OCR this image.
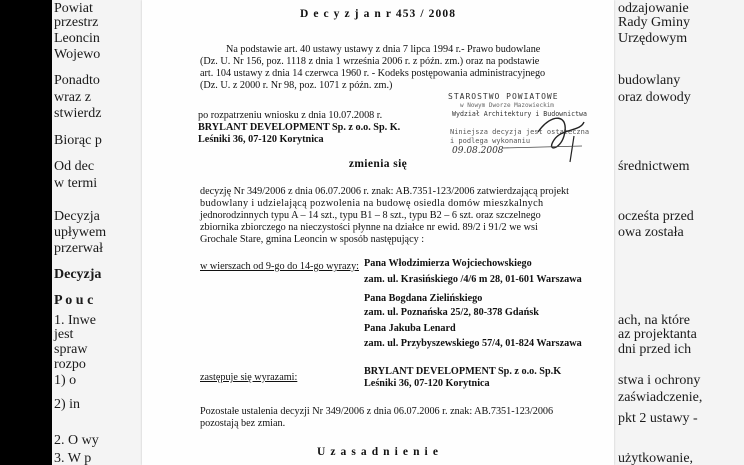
Powiat
przestrz
Leoncin
Wojewo
Ponadto
wraz z
stwierdz
Biorąc p
Od dec
w termi
Decyzja
upływem
przerwał
Decyzja
P o u c
1. Inwe
jest
spraw
rozpo
1) o
2) in
2. O wy
3. W p
odzajowanie
Rady Gminy
Urzędowym
budowlany
oraz dowody
średnictwem
ocześta przed
owa została
ach, na które
az projektanta
dni przed ich
stwa i ochrony
zaświadczenie,
pkt 2 ustawy -
użytkowanie,
D e c y z j a n r 453 / 2008
Na podstawie art. 40 ustawy ustawy z dnia 7 lipca 1994 r.- Prawo budowlane
(Dz. U. Nr 156, poz. 1118 z dnia 1 września 2006 r. z późn. zm.) oraz na podstawie
art. 104 ustawy z dnia 14 czerwca 1960 r. - Kodeks postępowania administracyjnego
(Dz. U. z 2000 r. Nr 98, poz. 1071 z późn. zm.)
po rozpatrzeniu wniosku z dnia 10.07.2008 r.
BRYLANT DEVELOPMENT Sp. z o.o. Sp. K.
Leśniki 36, 07-120 Korytnica
STAROSTWO POWIATOWE
w Nowym Dworze Mazowieckim
Wydział Architektury i Budownictwa
Niniejsza decyzja jest ostateczna
i podlega wykonaniu
09.08.2008
zmienia się
decyzję Nr 349/2006 z dnia 06.07.2006 r. znak: AB.7351-123/2006 zatwierdzającą projekt
budowlany i udzielającą pozwolenia na budowę osiedla domów mieszkalnych
jednorodzinnych typu A – 14 szt., typu B1 – 8 szt., typu B2 – 6 szt. oraz szczelnego
zbiornika zbiorczego na nieczystości płynne na działce nr ewid. 89/2 i 91/2 we wsi
Grochale Stare, gmina Leoncin w sposób następujący :
w wierszach od 9-go do 14-go wyrazy: Pana Włodzimierza Wojciechowskiego
zam. ul. Krasińskiego /4/6 m 28, 01-601 Warszawa
Pana Bogdana Zielińskiego
zam. ul. Poznańska 25/2, 80-378 Gdańsk
Pana Jakuba Lenard
zam. ul. Przybyszewskiego 57/4, 01-824 Warszawa
zastępuje się wyrazami:
BRYLANT DEVELOPMENT Sp. z o.o. Sp.K
Leśniki 36, 07-120 Korytnica
Pozostałe ustalenia decyzji Nr 349/2006 z dnia 06.07.2006 r. znak: AB.7351-123/2006
pozostają bez zmian.
U z a s a d n i e n i e
